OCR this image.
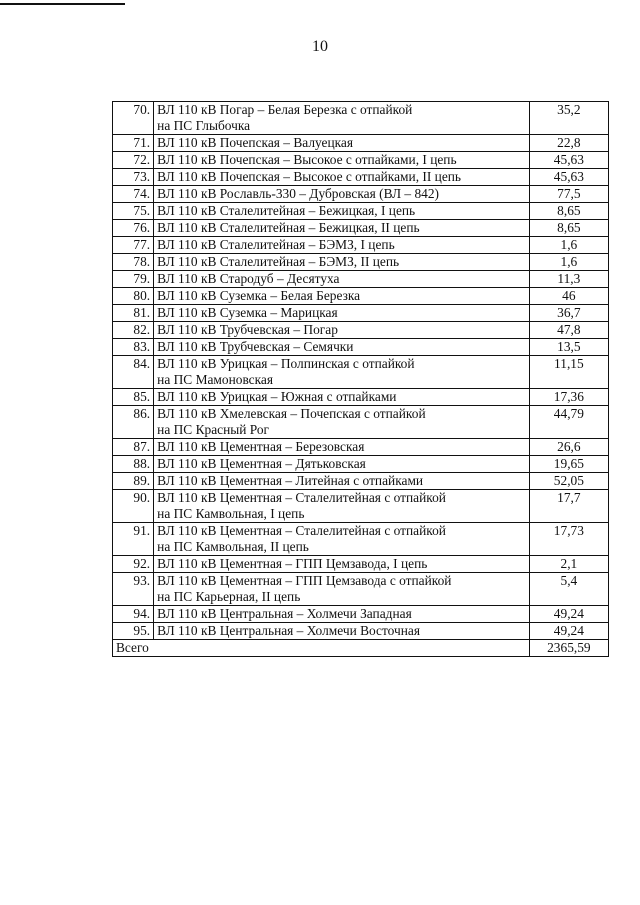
10
70.	ВЛ 110 кВ Погар – Белая Березка с отпайкой
на ПС Глыбочка	35,2
71.	ВЛ 110 кВ Почепская – Валуецкая	22,8
72.	ВЛ 110 кВ Почепская – Высокое с отпайками, I цепь	45,63
73.	ВЛ 110 кВ Почепская – Высокое с отпайками, II цепь	45,63
74.	ВЛ 110 кВ Рославль-330 – Дубровская (ВЛ – 842)	77,5
75.	ВЛ 110 кВ Сталелитейная – Бежицкая, I цепь	8,65
76.	ВЛ 110 кВ Сталелитейная – Бежицкая, II цепь	8,65
77.	ВЛ 110 кВ Сталелитейная – БЭМЗ, I цепь	1,6
78.	ВЛ 110 кВ Сталелитейная – БЭМЗ, II цепь	1,6
79.	ВЛ 110 кВ Стародуб – Десятуха	11,3
80.	ВЛ 110 кВ Суземка – Белая Березка	46
81.	ВЛ 110 кВ Суземка – Марицкая	36,7
82.	ВЛ 110 кВ Трубчевская – Погар	47,8
83.	ВЛ 110 кВ Трубчевская – Семячки	13,5
84.	ВЛ 110 кВ Урицкая – Полпинская с отпайкой
на ПС Мамоновская	11,15
85.	ВЛ 110 кВ Урицкая – Южная с отпайками	17,36
86.	ВЛ 110 кВ Хмелевская – Почепская с отпайкой
на ПС Красный Рог	44,79
87.	ВЛ 110 кВ Цементная – Березовская	26,6
88.	ВЛ 110 кВ Цементная – Дятьковская	19,65
89.	ВЛ 110 кВ Цементная – Литейная с отпайками	52,05
90.	ВЛ 110 кВ Цементная – Сталелитейная с отпайкой
на ПС Камвольная, I цепь	17,7
91.	ВЛ 110 кВ Цементная – Сталелитейная с отпайкой
на ПС Камвольная, II цепь	17,73
92.	ВЛ 110 кВ Цементная – ГПП Цемзавода, I цепь	2,1
93.	ВЛ 110 кВ Цементная – ГПП Цемзавода с отпайкой
на ПС Карьерная, II цепь	5,4
94.	ВЛ 110 кВ Центральная – Холмечи Западная	49,24
95.	ВЛ 110 кВ Центральная – Холмечи Восточная	49,24
Всего		2365,59
